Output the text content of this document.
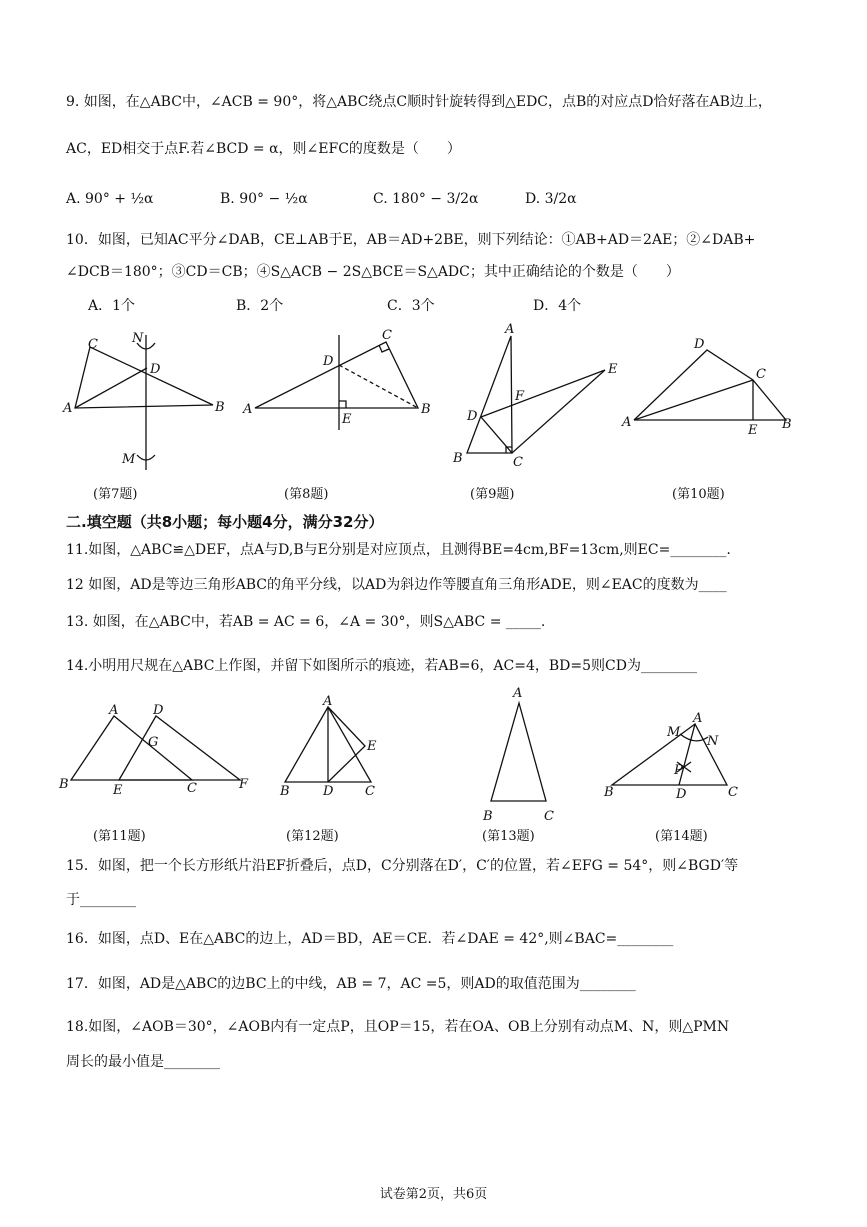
9. 如图，在△ABC中，∠ACB = 90°，将△ABC绕点C顺时针旋转得到△EDC，点B的对应点D恰好落在AB边上，
AC，ED相交于点F.若∠BCD = α，则∠EFC的度数是（　　）
A. 90° + ½α	B. 90° − ½α	C. 180° − 3/2α	D. 3/2α
10．如图，已知AC平分∠DAB，CE⊥AB于E，AB＝AD+2BE，则下列结论：①AB+AD＝2AE；②∠DAB+
∠DCB＝180°；③CD＝CB；④S△ACB − 2S△BCE＝S△ADC；其中正确结论的个数是（　　）
A．1个	B．2个	C．3个	D．4个
C	N
D
A	B
M
C
D
A
E
B
A
E
F
D
B	C
D
C
A
E B
(第7题)	(第8题)	(第9题)	(第10题)
二.填空题（共8小题；每小题4分，满分32分）
11.如图，△ABC≌△DEF，点A与D,B与E分别是对应顶点，且测得BE=4cm,BF=13cm,则EC=________.
12 如图，AD是等边三角形ABC的角平分线，以AD为斜边作等腰直角三角形ADE，则∠EAC的度数为____
13. 如图，在△ABC中，若AB = AC = 6，∠A = 30°，则S△ABC = _____.
14.小明用尺规在△ABC上作图，并留下如图所示的痕迹，若AB=6，AC=4，BD=5则CD为________
A	D
G
B	E	C	F
A
E
B	D C
A
B	C
A
M
N
P
B	D	C
(第11题)	(第12题)	(第13题)	(第14题)
15．如图，把一个长方形纸片沿EF折叠后，点D，C分别落在D′，C′的位置，若∠EFG = 54°，则∠BGD′等
于________
16．如图，点D、E在△ABC的边上，AD＝BD，AE＝CE．若∠DAE = 42°,则∠BAC=________
17．如图，AD是△ABC的边BC上的中线，AB = 7，AC =5，则AD的取值范围为________
18.如图，∠AOB＝30°，∠AOB内有一定点P，且OP＝15，若在OA、OB上分别有动点M、N，则△PMN
周长的最小值是________
试卷第2页，共6页
